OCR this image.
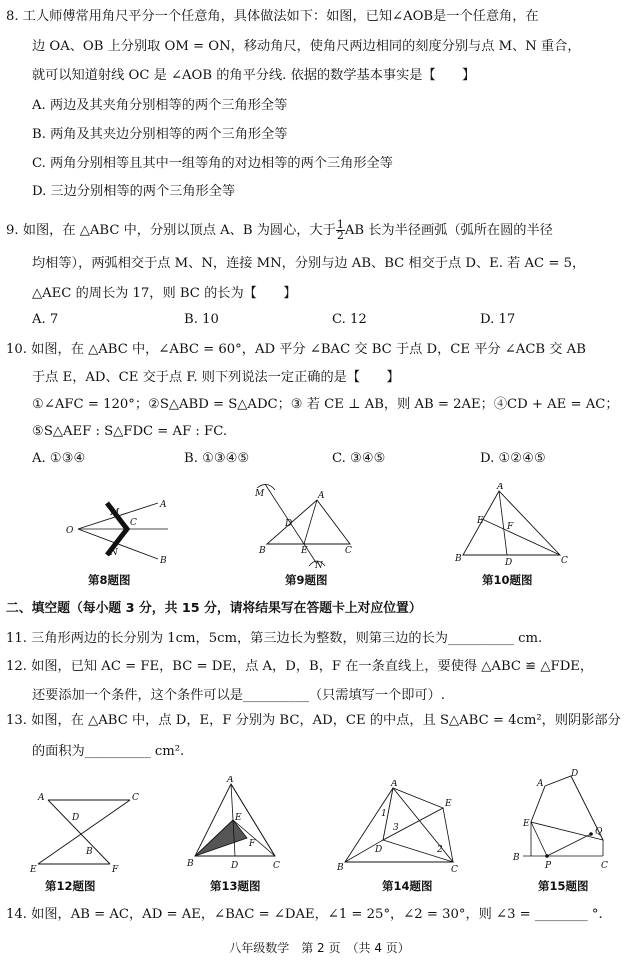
8. 工人师傅常用角尺平分一个任意角，具体做法如下：如图，已知∠AOB是一个任意角，在
边 OA、OB 上分别取 OM = ON，移动角尺，使角尺两边相同的刻度分别与点 M、N 重合，
就可以知道射线 OC 是 ∠AOB 的角平分线. 依据的数学基本事实是【　　】
A. 两边及其夹角分别相等的两个三角形全等
B. 两角及其夹边分别相等的两个三角形全等
C. 两角分别相等且其中一组等角的对边相等的两个三角形全等
D. 三边分别相等的两个三角形全等
9. 如图，在 △ABC 中，分别以顶点 A、B 为圆心，大于 $\frac{1}{2}AB$ 长为半径画弧（弧所在圆的半径
均相等），两弧相交于点 M、N，连接 MN，分别与边 AB、BC 相交于点 D、E. 若 AC = 5，
△AEC 的周长为 17，则 BC 的长为【　　】
A. 7	B. 10	C. 12	D. 17
10. 如图，在 △ABC 中，∠ABC = 60°，AD 平分 ∠BAC 交 BC 于点 D，CE 平分 ∠ACB 交 AB
于点 E，AD、CE 交于点 F. 则下列说法一定正确的是【　　】
①∠AFC = 120°；②S△ABD = S△ADC；③ 若 CE ⊥ AB，则 AB = 2AE；④CD + AE = AC；
⑤S△AEF : S△FDC = AF : FC.
A. ①③④	B. ①③④⑤	C. ③④⑤	D. ①②④⑤
O
M
N
C
A
B
第8题图
M	A
D
B	E	C
N
第9题图
A
E
F
B	D	C
第10题图
二、填空题（每小题 3 分，共 15 分，请将结果写在答题卡上对应位置）
11. 三角形两边的长分别为 1cm，5cm，第三边长为整数，则第三边的长为__________ cm.
12. 如图，已知 AC = FE，BC = DE，点 A，D，B，F 在一条直线上，要使得 △ABC ≌ △FDE，
还要添加一个条件，这个条件可以是__________（只需填写一个即可）.
13. 如图，在 △ABC 中，点 D，E，F 分别为 BC，AD，CE 的中点，且 S△ABC = 4cm²，则阴影部分
的面积为__________ cm².
A	C
D
B
E	F
第12题图
A
E
F
B	D	C
第13题图
A
E
1
3
D	2
B	C
第14题图
A
D
E
Q
B
P	C
第15题图
14. 如图，AB = AC，AD = AE，∠BAC = ∠DAE，∠1 = 25°，∠2 = 30°，则 ∠3 = ________ °.
八年级数学　第 2 页　（共 4 页）
